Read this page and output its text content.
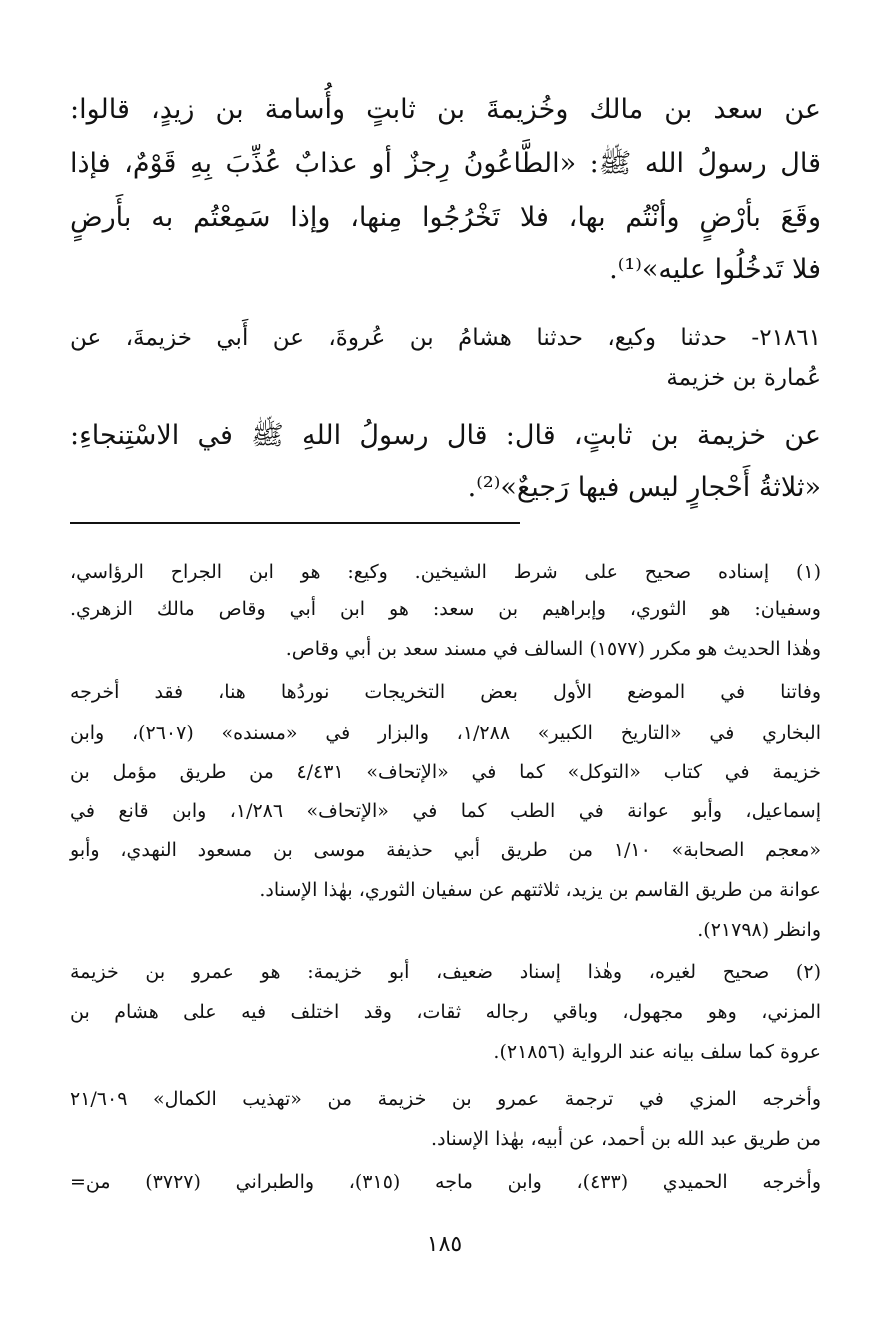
عن سعد بن مالك وخُزيمةَ بن ثابتٍ وأُسامة بن زيدٍ، قالوا:
قال رسولُ الله ﷺ: «الطَّاعُونُ رِجزٌ أو عذابٌ عُذِّبَ بِهِ قَوْمٌ، فإذا
وقَعَ بأرْضٍ وأنْتُم بها، فلا تَخْرُجُوا مِنها، وإذا سَمِعْتُم به بأَرضٍ
فلا تَدخُلُوا عليه»⁽¹⁾.
٢١٨٦١- حدثنا وكيع، حدثنا هشامُ بن عُروةَ، عن أَبي خزيمةَ، عن
عُمارة بن خزيمة
عن خزيمة بن ثابتٍ، قال: قال رسولُ اللهِ ﷺ في الاسْتِنجاءِ:
«ثلاثةُ أَحْجارٍ ليس فيها رَجيعٌ»⁽²⁾.
(١) إسناده صحيح على شرط الشيخين. وكيع: هو ابن الجراح الرؤاسي،
وسفيان: هو الثوري، وإبراهيم بن سعد: هو ابن أبي وقاص مالك الزهري.
وهٰذا الحديث هو مكرر (١٥٧٧) السالف في مسند سعد بن أبي وقاص.
وفاتنا في الموضع الأول بعض التخريجات نوردُها هنا، فقد أخرجه
البخاري في «التاريخ الكبير» ١/٢٨٨، والبزار في «مسنده» (٢٦٠٧)، وابن
خزيمة في كتاب «التوكل» كما في «الإتحاف» ٤/٤٣١ من طريق مؤمل بن
إسماعيل، وأبو عوانة في الطب كما في «الإتحاف» ١/٢٨٦، وابن قانع في
«معجم الصحابة» ١/١٠ من طريق أبي حذيفة موسى بن مسعود النهدي، وأبو
عوانة من طريق القاسم بن يزيد، ثلاثتهم عن سفيان الثوري، بهٰذا الإسناد.
وانظر (٢١٧٩٨).
(٢) صحيح لغيره، وهٰذا إسناد ضعيف، أبو خزيمة: هو عمرو بن خزيمة
المزني، وهو مجهول، وباقي رجاله ثقات، وقد اختلف فيه على هشام بن
عروة كما سلف بيانه عند الرواية (٢١٨٥٦).
وأخرجه المزي في ترجمة عمرو بن خزيمة من «تهذيب الكمال» ٢١/٦٠٩
من طريق عبد الله بن أحمد، عن أبيه، بهٰذا الإسناد.
وأخرجه الحميدي (٤٣٣)، وابن ماجه (٣١٥)، والطبراني (٣٧٢٧) من=
١٨٥
